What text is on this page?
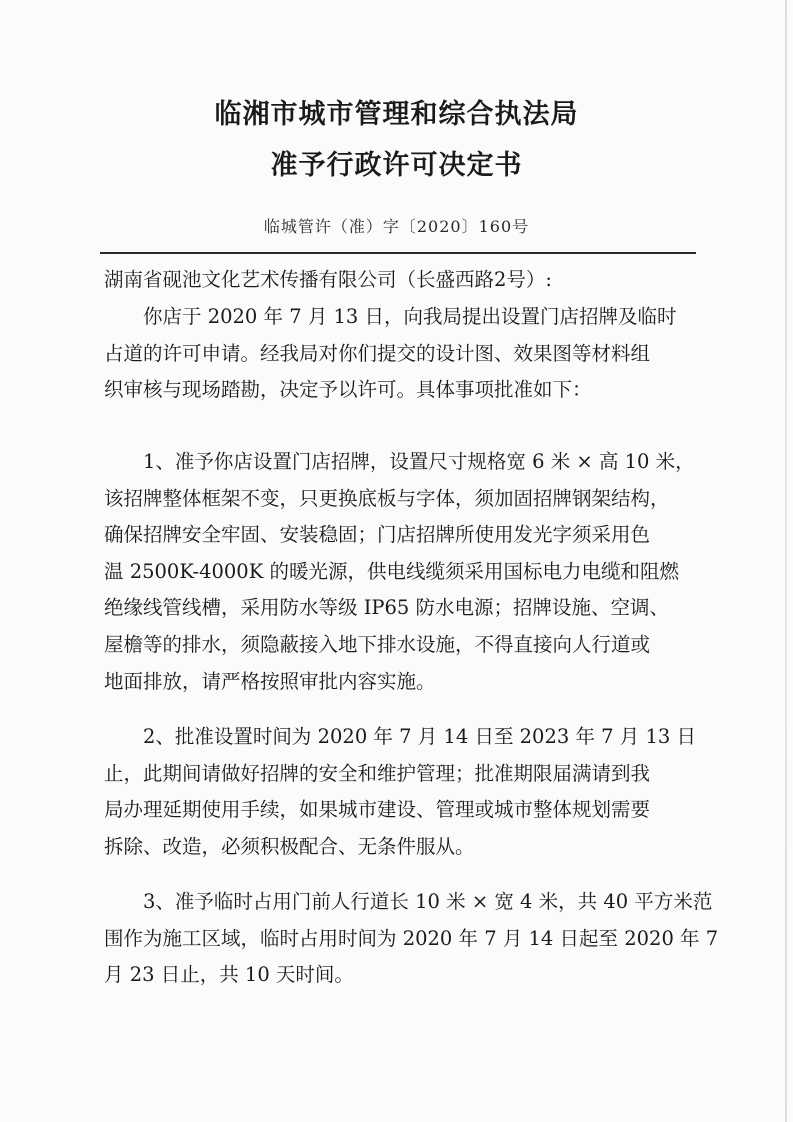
临湘市城市管理和综合执法局
准予行政许可决定书
临城管许（准）字〔2020〕160号
湖南省砚池文化艺术传播有限公司（长盛西路2号）:
你店于 2020 年 7 月 13 日，向我局提出设置门店招牌及临时
占道的许可申请。经我局对你们提交的设计图、效果图等材料组
织审核与现场踏勘，决定予以许可。具体事项批准如下：
1、准予你店设置门店招牌，设置尺寸规格宽 6 米 × 高 10 米，
该招牌整体框架不变，只更换底板与字体，须加固招牌钢架结构，
确保招牌安全牢固、安装稳固；门店招牌所使用发光字须采用色
温 2500K-4000K 的暖光源，供电线缆须采用国标电力电缆和阻燃
绝缘线管线槽，采用防水等级 IP65 防水电源；招牌设施、空调、
屋檐等的排水，须隐蔽接入地下排水设施，不得直接向人行道或
地面排放，请严格按照审批内容实施。
2、批准设置时间为 2020 年 7 月 14 日至 2023 年 7 月 13 日
止，此期间请做好招牌的安全和维护管理；批准期限届满请到我
局办理延期使用手续，如果城市建设、管理或城市整体规划需要
拆除、改造，必须积极配合、无条件服从。
3、准予临时占用门前人行道长 10 米 × 宽 4 米，共 40 平方米范
围作为施工区域，临时占用时间为 2020 年 7 月 14 日起至 2020 年 7
月 23 日止，共 10 天时间。
